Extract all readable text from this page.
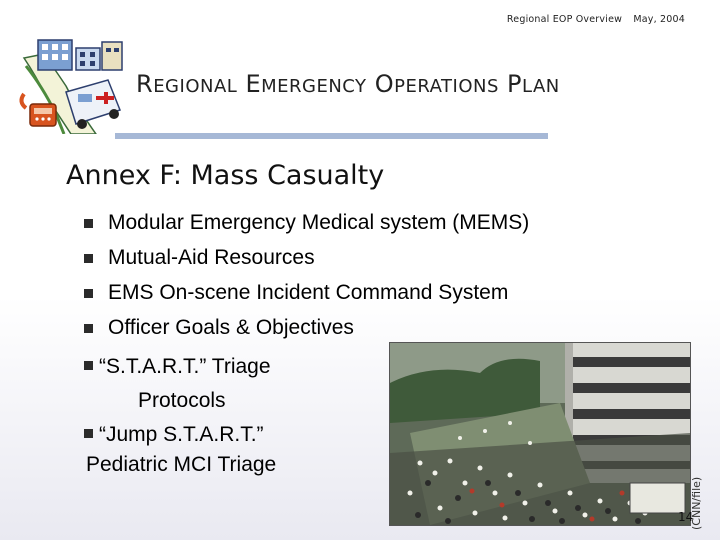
Regional EOP Overview May, 2004
REGIONAL EMERGENCY OPERATIONS PLAN
Annex F: Mass Casualty
Modular Emergency Medical system (MEMS)
Mutual-Aid Resources
EMS On-scene Incident Command System
Officer Goals & Objectives
“S.T.A.R.T.” Triage
Protocols
“Jump S.T.A.R.T.”
Pediatric MCI Triage
(CNN/file)
14
